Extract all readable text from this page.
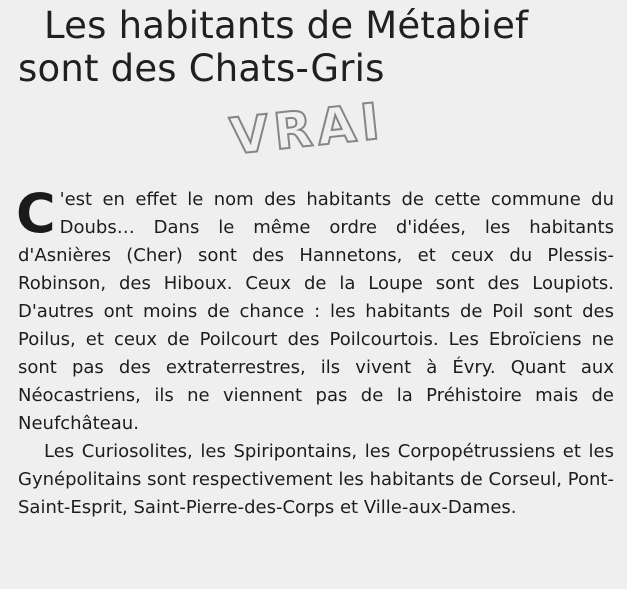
Les habitants de Métabief
sont des Chats-Gris
VRAI

C 'est en effet le nom des habitants de cette commune du Doubs… Dans le même ordre d'idées, les habitants d'Asnières (Cher) sont des Hannetons, et ceux du Plessis-Robinson, des Hiboux. Ceux de la Loupe sont des Loupiots. D'autres ont moins de chance : les habitants de Poil sont des Poilus, et ceux de Poilcourt des Poilcourtois. Les Ebroïciens ne sont pas des extraterrestres, ils vivent à Évry. Quant aux Néocastriens, ils ne viennent pas de la Préhistoire mais de Neufchâteau.

Les Curiosolites, les Spiripontains, les Corpopétrussiens et les Gynépolitains sont respectivement les habitants de Corseul, Pont-Saint-Esprit, Saint-Pierre-des-Corps et Ville-aux-Dames.
